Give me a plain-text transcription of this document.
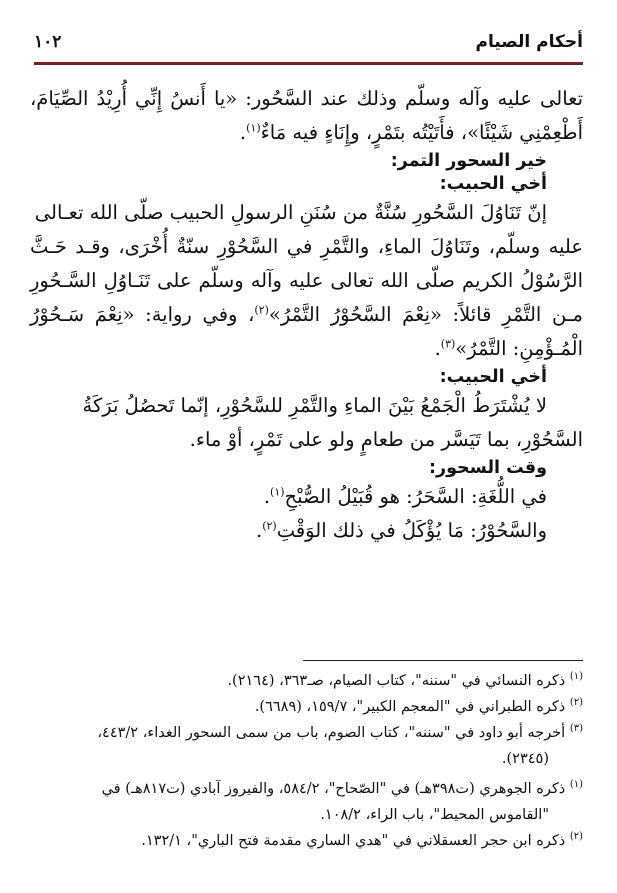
أحكام الصيام
١٠٢

تعالى عليه وآله وسلّم وذلك عند السَّحُور: «يا أَنسُ إِنِّي أُرِيْدُ الصِّيَامَ، أَطْعِمْنِي شَيْئًا»، فأَتَيْتُه بتَمْرٍ، وإِنَاءٍ فيه مَاءٌ$^{(١)}$.

خير السحور التمر:
أخي الحبيب:

إنّ تَنَاوُلَ السَّحُورِ سُنَّةٌ من سُنَنِ الرسولِ الحبيب صلّى الله تعـالى

عليه وسلّم، وتَنَاوُلَ الماءِ، والتَّمْرِ في السَّحُوْرِ سنّةٌ أُخْرَى، وقـد حَـثَّ الرَّسُوْلُ الكريم صلّى الله تعالى عليه وآله وسلّم على تَنَـاوُلِ السَّـحُورِ مـن التَّمْرِ قائلاً: «نِعْمَ السَّحُوْرُ التَّمْرُ»$^{(٢)}$، وفي رواية: «نِعْمَ سَـحُوْرُ الْمُـؤْمِنِ: التَّمْرُ»$^{(٣)}$.

أخي الحبيب:

لا يُشْتَرَطُ الْجَمْعُ بَيْنَ الماءِ والتَّمْرِ للسَّحُوْرِ، إنّما تَحصُلُ بَرَكَةُ

السَّحُوْرِ، بما تَيَسَّر من طعامٍ ولو على تَمْرٍ، أوْ ماء.

وقت السحور:

في اللُّغَةِ: السَّحَرُ: هو قُبَيْلُ الصُّبْحِ$^{(١)}$.

والسَّحُوْرُ: مَا يُؤْكَلُ في ذلك الوَقْتِ$^{(٢)}$.

$^{(١)}$ ذكره النسائي في "سننه"، كتاب الصيام، صـ٣٦٣، (٢١٦٤).

$^{(٢)}$ ذكره الطبراني في "المعجم الكبير"، ١٥٩/٧، (٦٦٨٩).

$^{(٣)}$ أخرجه أبو داود في "سننه"، كتاب الصوم، باب من سمى السحور الغداء، ٤٤٣/٢،

(٢٣٤٥).

$^{(١)}$ ذكره الجوهري (ت٣٩٨هـ) في "الصّحاح"، ٥٨٤/٢، والفيروز آبادي (ت٨١٧هـ) في

"القاموس المحيط"، باب الراء، ١٠٨/٢.

$^{(٢)}$ ذكره ابن حجر العسقلاني في "هدي الساري مقدمة فتح الباري"، ١٣٢/١.
